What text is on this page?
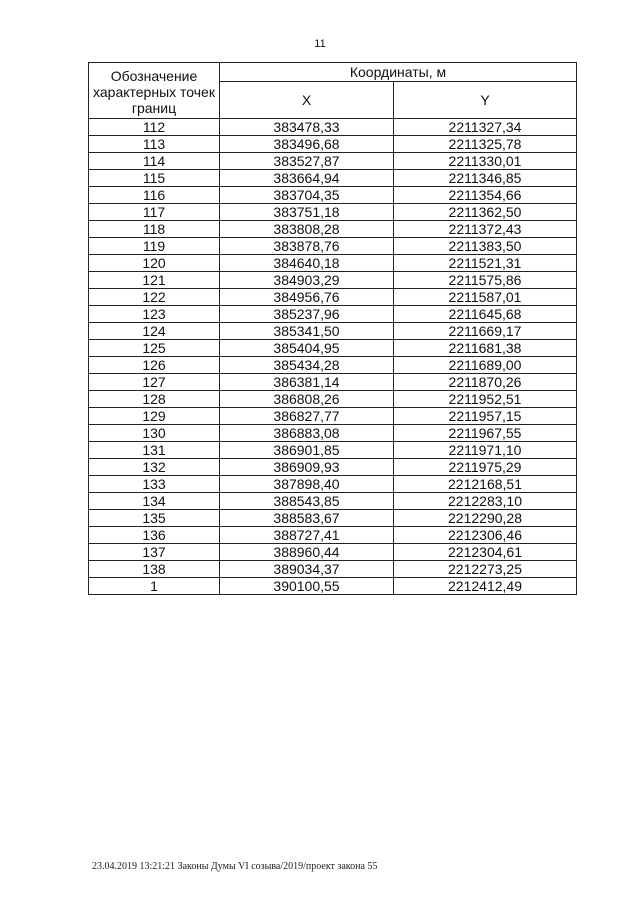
11
Обозначение характерных точек границ	Координаты, м	
	X	Y
112	383478,33	2211327,34
113	383496,68	2211325,78
114	383527,87	2211330,01
115	383664,94	2211346,85
116	383704,35	2211354,66
117	383751,18	2211362,50
118	383808,28	2211372,43
119	383878,76	2211383,50
120	384640,18	2211521,31
121	384903,29	2211575,86
122	384956,76	2211587,01
123	385237,96	2211645,68
124	385341,50	2211669,17
125	385404,95	2211681,38
126	385434,28	2211689,00
127	386381,14	2211870,26
128	386808,26	2211952,51
129	386827,77	2211957,15
130	386883,08	2211967,55
131	386901,85	2211971,10
132	386909,93	2211975,29
133	387898,40	2212168,51
134	388543,85	2212283,10
135	388583,67	2212290,28
136	388727,41	2212306,46
137	388960,44	2212304,61
138	389034,37	2212273,25
1	390100,55	2212412,49
23.04.2019 13:21:21 Законы Думы VI созыва/2019/проект закона 55
